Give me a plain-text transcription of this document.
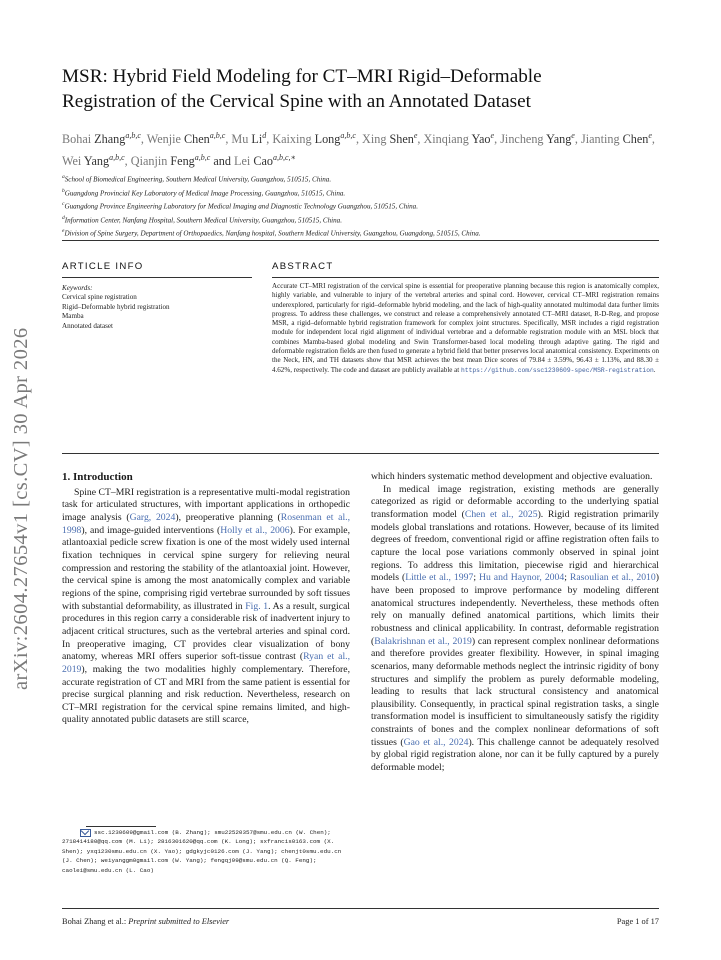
arXiv:2604.27654v1 [cs.CV] 30 Apr 2026
MSR: Hybrid Field Modeling for CT–MRI Rigid–Deformable
Registration of the Cervical Spine with an Annotated Dataset
Bohai Zhang$^{a,b,c}$, Wenjie Chen$^{a,b,c}$, Mu Li$^d$, Kaixing Long$^{a,b,c}$, Xing Shen$^e$, Xinqiang Yao$^e$, Jincheng Yang$^e$, Jianting Chen$^e$, Wei Yang$^{a,b,c}$, Qianjin Feng$^{a,b,c}$ and Lei Cao$^{a,b,c,∗}$
$^a$School of Biomedical Engineering, Southern Medical University, Guangzhou, 510515, China.
$^b$Guangdong Provincial Key Laboratory of Medical Image Processing, Guangzhou, 510515, China.
$^c$Guangdong Province Engineering Laboratory for Medical Imaging and Diagnostic Technology Guangzhou, 510515, China.
$^d$Information Center, Nanfang Hospital, Southern Medical University, Guangzhou, 510515, China.
$^e$Division of Spine Surgery, Department of Orthopaedics, Nanfang hospital, Southern Medical University, Guangzhou, Guangdong, 510515, China.
ARTICLE INFO	ABSTRACT
Keywords:
Cervical spine registration
Rigid–Deformable hybrid registration
Mamba
Annotated dataset
Accurate CT–MRI registration of the cervical spine is essential for preoperative planning because this region is anatomically complex, highly variable, and vulnerable to injury of the vertebral arteries and spinal cord. However, cervical CT–MRI registration remains underexplored, particularly for rigid–deformable hybrid modeling, and the lack of high-quality annotated multimodal data further limits progress. To address these challenges, we construct and release a comprehensively annotated CT–MRI dataset, R-D-Reg, and propose MSR, a rigid–deformable hybrid registration framework for complex joint structures. Specifically, MSR includes a rigid registration module for independent local rigid alignment of individual vertebrae and a deformable registration module with an MSL block that combines Mamba-based global modeling and Swin Transformer-based local modeling through adaptive gating. The rigid and deformable registration fields are then fused to generate a hybrid field that better preserves local anatomical consistency. Experiments on the Neck, HN, and TH datasets show that MSR achieves the best mean Dice scores of 79.84 ± 3.59%, 96.43 ± 1.13%, and 88.30 ± 4.62%, respectively. The code and dataset are publicly available at https://github.com/ssc1230609-spec/MSR-registration.
1. Introduction

Spine CT–MRI registration is a representative multi-modal registration task for articulated structures, with important applications in orthopedic image analysis (Garg, 2024), preoperative planning (Rosenman et al., 1998), and image-guided interventions (Holly et al., 2006). For example, atlantoaxial pedicle screw fixation is one of the most widely used internal fixation techniques in cervical spine surgery for relieving neural compression and restoring the stability of the atlantoaxial joint. However, the cervical spine is among the most anatomically complex and variable regions of the spine, comprising rigid vertebrae surrounded by soft tissues with substantial deformability, as illustrated in Fig. 1. As a result, surgical procedures in this region carry a considerable risk of inadvertent injury to adjacent critical structures, such as the vertebral arteries and spinal cord. In preoperative imaging, CT provides clear visualization of bony anatomy, whereas MRI offers superior soft-tissue contrast (Ryan et al., 2019), making the two modalities highly complementary. Therefore, accurate registration of CT and MRI from the same patient is essential for precise surgical planning and risk reduction. Nevertheless, research on CT–MRI registration for the cervical spine remains limited, and high-quality annotated public datasets are still scarce,

ssc.1230609@gmail.com (B. Zhang); smu22520357@smu.edu.cn (W. Chen); 2718414180@qq.com (M. Li); 2816301620@qq.com (K. Long); sxfrancis0163.com (X. Shen); yxq1230smu.edu.cn (X. Yao); gdgkyjc0126.com (J. Yang); chenjt0smu.edu.cn (J. Chen); weiyanggm0gmail.com (W. Yang); fengqj99@smu.edu.cn (Q. Feng); caolei@smu.edu.cn (L. Cao)

which hinders systematic method development and objective evaluation.

In medical image registration, existing methods are generally categorized as rigid or deformable according to the underlying spatial transformation model (Chen et al., 2025). Rigid registration primarily models global translations and rotations. However, because of its limited degrees of freedom, conventional rigid or affine registration often fails to capture the local pose variations commonly observed in spinal joint regions. To address this limitation, piecewise rigid and hierarchical models (Little et al., 1997; Hu and Haynor, 2004; Rasoulian et al., 2010) have been proposed to improve performance by modeling different anatomical structures independently. Nevertheless, these methods often rely on manually defined anatomical partitions, which limits their robustness and clinical applicability. In contrast, deformable registration (Balakrishnan et al., 2019) can represent complex nonlinear deformations and therefore provides greater flexibility. However, in spinal imaging scenarios, many deformable methods neglect the intrinsic rigidity of bony structures and simplify the problem as purely deformable modeling, leading to results that lack structural consistency and anatomical plausibility. Consequently, in practical spinal registration tasks, a single transformation model is insufficient to simultaneously satisfy the rigidity constraints of bones and the complex nonlinear deformations of soft tissues (Gao et al., 2024). This challenge cannot be adequately resolved by global rigid registration alone, nor can it be fully captured by a purely deformable model;

Bohai Zhang et al.: Preprint submitted to Elsevier	Page 1 of 17
